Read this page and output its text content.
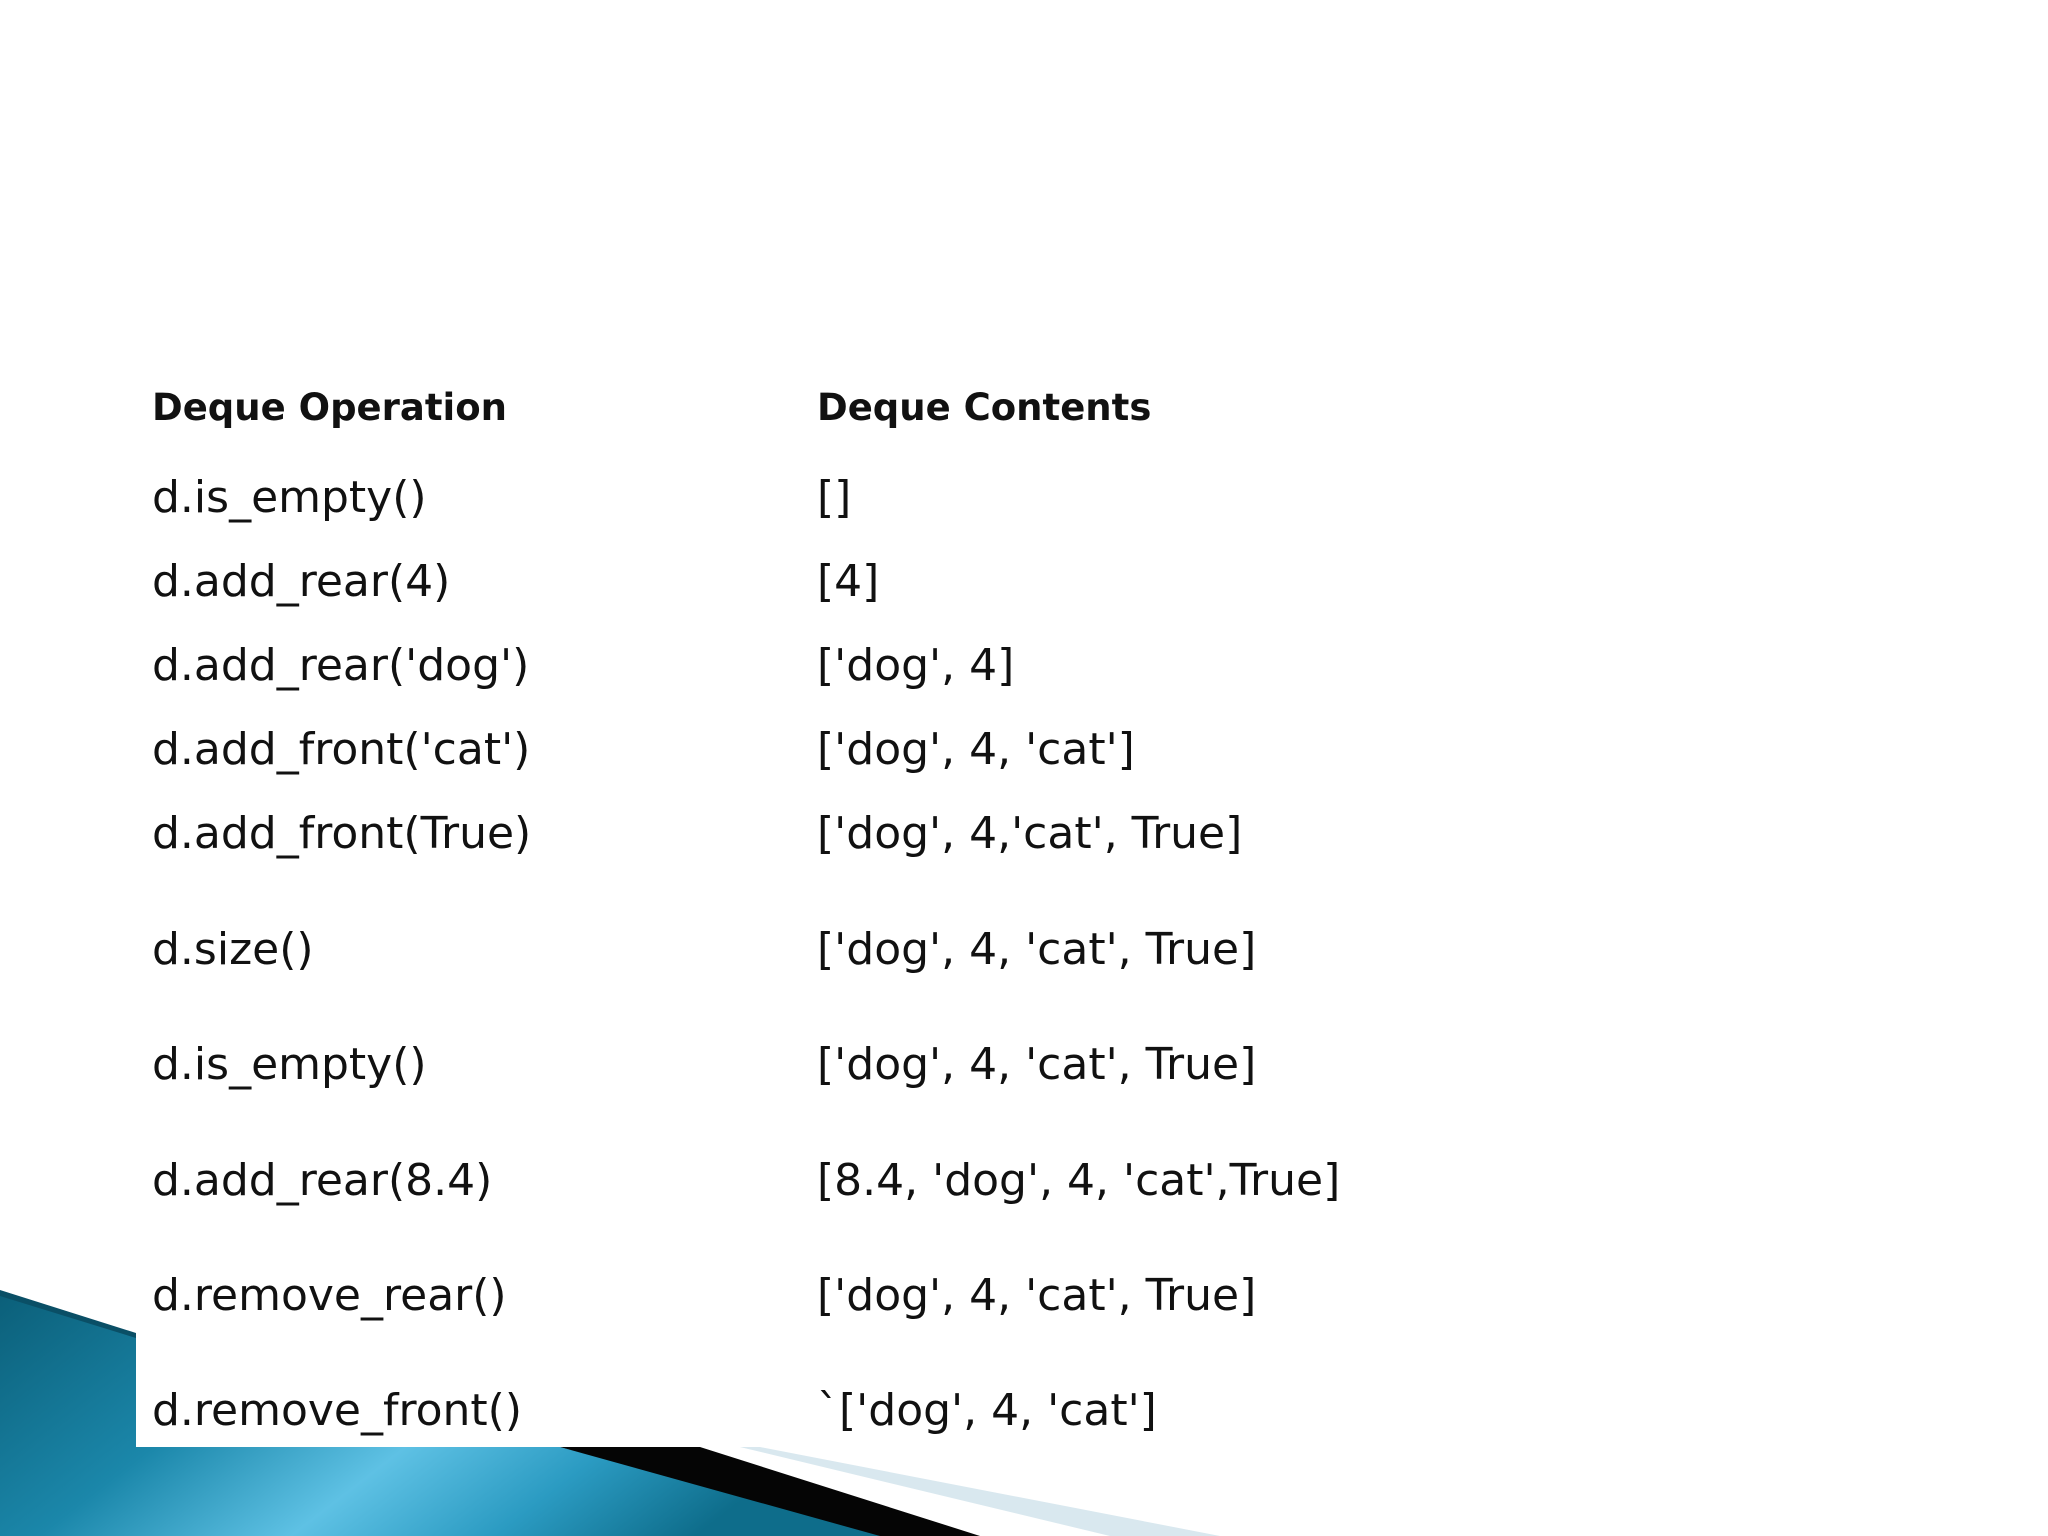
Deque Operation	Deque Contents
d.is_empty()	[]
d.add_rear(4)	[4]
d.add_rear('dog')	['dog', 4]
d.add_front('cat')	['dog', 4, 'cat']
d.add_front(True)	['dog', 4,'cat', True]
d.size()	['dog', 4, 'cat', True]
d.is_empty()	['dog', 4, 'cat', True]
d.add_rear(8.4)	[8.4, 'dog', 4, 'cat',True]
d.remove_rear()	['dog', 4, 'cat', True]
d.remove_front()	`['dog', 4, 'cat']
